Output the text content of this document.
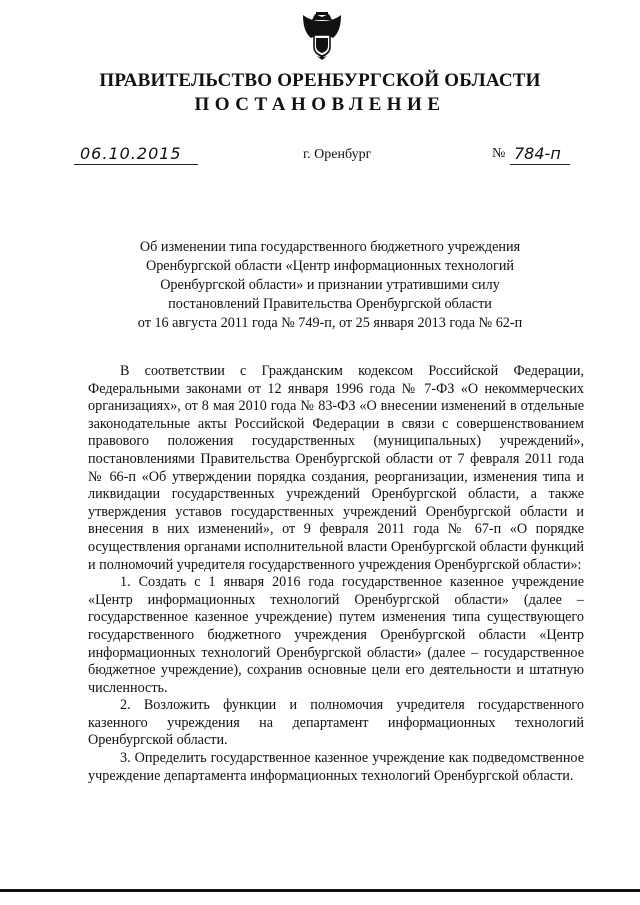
ПРАВИТЕЛЬСТВО ОРЕНБУРГСКОЙ ОБЛАСТИ
ПОСТАНОВЛЕНИЕ
06.10.2015	г. Оренбург	№ 784-п
Об изменении типа государственного бюджетного учреждения
Оренбургской области «Центр информационных технологий
Оренбургской области» и признании утратившими силу
постановлений Правительства Оренбургской области
от 16 августа 2011 года № 749-п, от 25 января 2013 года № 62-п

В соответствии с Гражданским кодексом Российской Федерации, Федеральными законами от 12 января 1996 года № 7-ФЗ «О некоммерческих организациях», от 8 мая 2010 года № 83-ФЗ «О внесении изменений в отдельные законодательные акты Российской Федерации в связи с совершенствованием правового положения государственных (муниципальных) учреждений», постановлениями Правительства Оренбургской области от 7 февраля 2011 года № 66-п «Об утверждении порядка создания, реорганизации, изменения типа и ликвидации государственных учреждений Оренбургской области, а также утверждения уставов государственных учреждений Оренбургской области и внесения в них изменений», от 9 февраля 2011 года № 67-п «О порядке осуществления органами исполнительной власти Оренбургской области функций и полномочий учредителя государственного учреждения Оренбургской области»:

1. Создать с 1 января 2016 года государственное казенное учреждение «Центр информационных технологий Оренбургской области» (далее – государственное казенное учреждение) путем изменения типа существующего государственного бюджетного учреждения Оренбургской области «Центр информационных технологий Оренбургской области» (далее – государственное бюджетное учреждение), сохранив основные цели его деятельности и штатную численность.

2. Возложить функции и полномочия учредителя государственного казенного учреждения на департамент информационных технологий Оренбургской области.

3. Определить государственное казенное учреждение как подведомственное учреждение департамента информационных технологий Оренбургской области.
